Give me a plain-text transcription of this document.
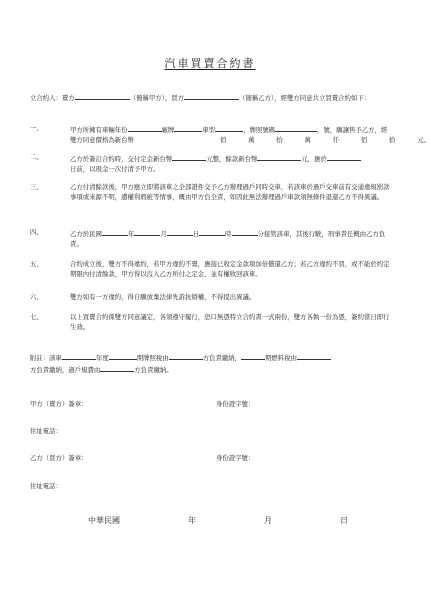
汽車買賣合約書
立合約人：賣方	（簡稱甲方），買方	（簡稱乙方），經雙方同意共立買賣合約如下：
一、	甲方所擁有車輛年份	廠牌	車型	，牌照號碼	，號，願讓售予乙方，經雙方同意價格為新台幣	佰	萬	拾	萬	仟	佰	拾	元。
二、	乙方於簽訂合約時，交付定金新台幣	元整，餘款新台幣	元，應於
日前，以現金一次付清予甲方。
三、	乙方付清餘款後，甲方應立即將該車之全部證件交予乙方辦理過戶同時交車，若該車於過戶交車前有交通違規罰款事項或來源不明，遭權利瑕疵等情事，概由甲方負全責，如因此無法辦理過戶車款須無條件退還乙方不得異議。
四、	乙方於民國	年	月	日	時	分接管該車，其後行駛，刑事責任概由乙方負責。
五、	合約成立後，雙方不得違約，若甲方違約不賣，應接已收定金款項加倍償還乙方；若乙方違約不買，或不能於約定期限內付清餘款，甲方得以沒入乙方所付之定金，並有權收回該車。
六、	雙方如有一方違約，得自願放棄法律先訴抗辯權，不得提出異議。
七、	以上買賣合約係雙方同意議定，各須遵守履行，恐口無憑特立合約書一式兩份，雙方各執一份為憑，簽約當日即行生效。
附註：該車	年度	期牌照稅由	方負責繳納，	期燃料稅由
方負責繳納，過戶規費由	方負責繳納。
甲方（賣方）簽章：	身份證字號：
住址電話：
乙方（買方）簽章：	身份證字號：
住址電話：
中華民國	年	月	日
